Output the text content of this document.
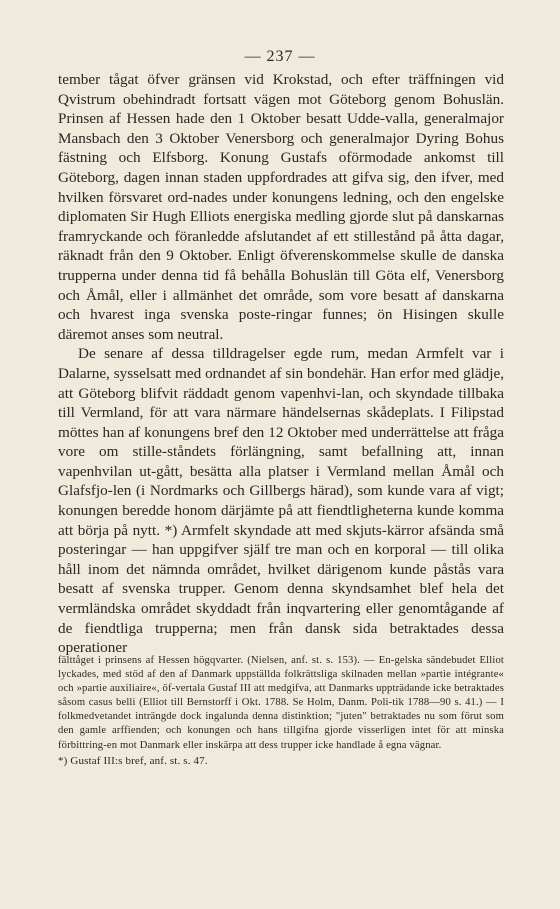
— 237 —

tember tågat öfver gränsen vid Krokstad, och efter träffningen vid Qvistrum obehindradt fortsatt vägen mot Göteborg genom Bohuslän. Prinsen af Hessen hade den 1 Oktober besatt Udde-valla, generalmajor Mansbach den 3 Oktober Venersborg och generalmajor Dyring Bohus fästning och Elfsborg. Konung Gustafs oförmodade ankomst till Göteborg, dagen innan staden uppfordrades att gifva sig, den ifver, med hvilken försvaret ord-nades under konungens ledning, och den engelske diplomaten Sir Hugh Elliots energiska medling gjorde slut på danskarnas framryckande och föranledde afslutandet af ett stillestånd på åtta dagar, räknadt från den 9 Oktober. Enligt öfverenskommelse skulle de danska trupperna under denna tid få behålla Bohuslän till Göta elf, Venersborg och Åmål, eller i allmänhet det område, som vore besatt af danskarna och hvarest inga svenska poste-ringar funnes; ön Hisingen skulle däremot anses som neutral.

De senare af dessa tilldragelser egde rum, medan Armfelt var i Dalarne, sysselsatt med ordnandet af sin bondehär. Han erfor med glädje, att Göteborg blifvit räddadt genom vapenhvi-lan, och skyndade tillbaka till Vermland, för att vara närmare händelsernas skådeplats. I Filipstad möttes han af konungens bref den 12 Oktober med underrättelse att fråga vore om stille-ståndets förlängning, samt befallning att, innan vapenhvilan ut-gått, besätta alla platser i Vermland mellan Åmål och Glafsfjo-len (i Nordmarks och Gillbergs härad), som kunde vara af vigt; konungen beredde honom därjämte på att fiendtligheterna kunde komma att börja på nytt. *) Armfelt skyndade att med skjuts-kärror afsända små posteringar — han uppgifver själf tre man och en korporal — till olika håll inom det nämnda området, hvilket därigenom kunde påstås vara besatt af svenska trupper. Genom denna skyndsamhet blef hela det vermländska området skyddadt från inqvartering eller genomtågande af de fiendtliga trupperna; men från dansk sida betraktades dessa operationer

fälttåget i prinsens af Hessen högqvarter. (Nielsen, anf. st. s. 153). — En-gelska sändebudet Elliot lyckades, med stöd af den af Danmark uppställda folkrättsliga skilnaden mellan »partie intégrante« och »partie auxiliaire«, öf-vertala Gustaf III att medgifva, att Danmarks uppträdande icke betraktades såsom casus belli (Elliot till Bernstorff i Okt. 1788. Se Holm, Danm. Poli-tik 1788—90 s. 41.) — I folkmedvetandet inträngde dock ingalunda denna distinktion; "juten" betraktades nu som förut som den gamle arffienden; och konungen och hans tillgifna gjorde visserligen intet för att minska förbittring-en mot Danmark eller inskärpa att dess trupper icke handlade å egna vägnar.

*) Gustaf III:s bref, anf. st. s. 47.
